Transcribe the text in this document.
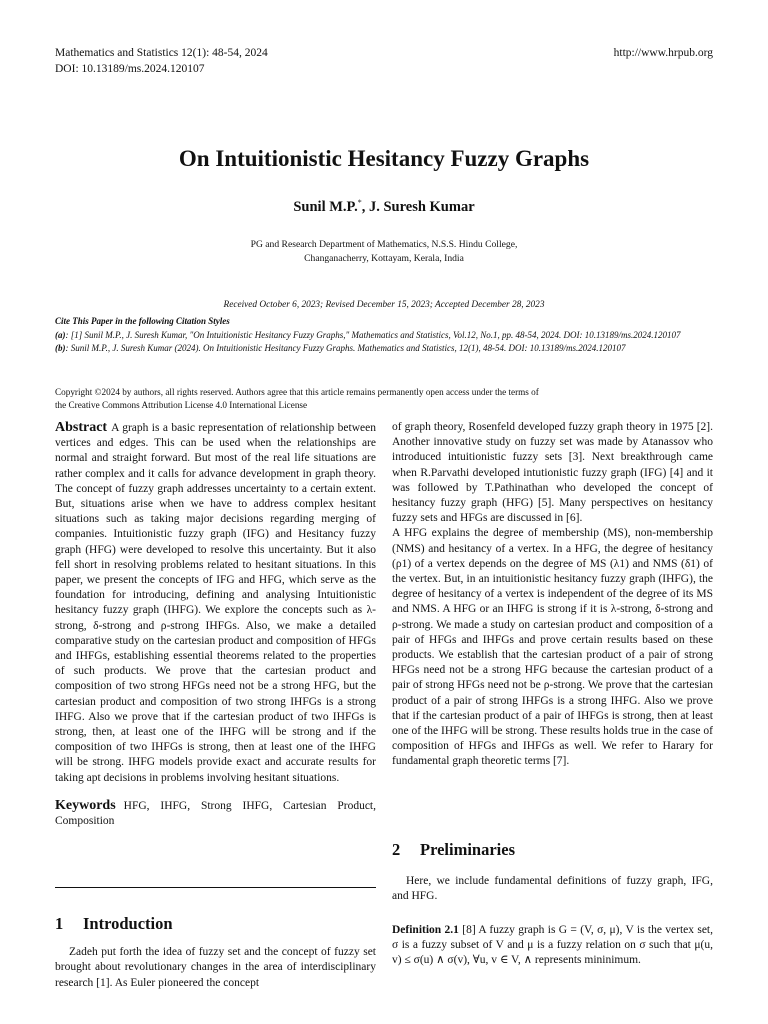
Mathematics and Statistics 12(1): 48-54, 2024
DOI: 10.13189/ms.2024.120107
http://www.hrpub.org
On Intuitionistic Hesitancy Fuzzy Graphs
Sunil M.P.*, J. Suresh Kumar
PG and Research Department of Mathematics, N.S.S. Hindu College,
Changanacherry, Kottayam, Kerala, India
Received October 6, 2023; Revised December 15, 2023; Accepted December 28, 2023
Cite This Paper in the following Citation Styles
(a): [1] Sunil M.P., J. Suresh Kumar, "On Intuitionistic Hesitancy Fuzzy Graphs," Mathematics and Statistics, Vol.12, No.1, pp. 48-54, 2024. DOI: 10.13189/ms.2024.120107
(b): Sunil M.P., J. Suresh Kumar (2024). On Intuitionistic Hesitancy Fuzzy Graphs. Mathematics and Statistics, 12(1), 48-54. DOI: 10.13189/ms.2024.120107
Copyright ©2024 by authors, all rights reserved. Authors agree that this article remains permanently open access under the terms of
the Creative Commons Attribution License 4.0 International License

Abstract A graph is a basic representation of relationship between vertices and edges. This can be used when the relationships are normal and straight forward. But most of the real life situations are rather complex and it calls for advance development in graph theory. The concept of fuzzy graph addresses uncertainty to a certain extent. But, situations arise when we have to address complex hesitant situations such as taking major decisions regarding merging of companies. Intuitionistic fuzzy graph (IFG) and Hesitancy fuzzy graph (HFG) were developed to resolve this uncertainty. But it also fell short in resolving problems related to hesitant situations. In this paper, we present the concepts of IFG and HFG, which serve as the foundation for introducing, defining and analysing Intuitionistic hesitancy fuzzy graph (IHFG). We explore the concepts such as λ-strong, δ-strong and ρ-strong IHFGs. Also, we make a detailed comparative study on the cartesian product and composition of HFGs and IHFGs, establishing essential theorems related to the properties of such products. We prove that the cartesian product and composition of two strong HFGs need not be a strong HFG, but the cartesian product and composition of two strong IHFGs is a strong IHFG. Also we prove that if the cartesian product of two IHFGs is strong, then, at least one of the IHFG will be strong and if the composition of two IHFGs is strong, then at least one of the IHFG will be strong. IHFG models provide exact and accurate results for taking apt decisions in problems involving hesitant situations.

Keywords HFG, IHFG, Strong IHFG, Cartesian Product, Composition

1 Introduction

Zadeh put forth the idea of fuzzy set and the concept of fuzzy set brought about revolutionary changes in the area of interdisciplinary research [1]. As Euler pioneered the concept

of graph theory, Rosenfeld developed fuzzy graph theory in 1975 [2]. Another innovative study on fuzzy set was made by Atanassov who introduced intuitionistic fuzzy sets [3]. Next breakthrough came when R.Parvathi developed intutionistic fuzzy graph (IFG) [4] and it was followed by T.Pathinathan who developed the concept of hesitancy fuzzy graph (HFG) [5]. Many perspectives on hesitancy fuzzy sets and HFGs are discussed in [6].

A HFG explains the degree of membership (MS), non-membership (NMS) and hesitancy of a vertex. In a HFG, the degree of hesitancy (ρ1) of a vertex depends on the degree of MS (λ1) and NMS (δ1) of the vertex. But, in an intuitionistic hesitancy fuzzy graph (IHFG), the degree of hesitancy of a vertex is independent of the degree of its MS and NMS. A HFG or an IHFG is strong if it is λ-strong, δ-strong and ρ-strong. We made a study on cartesian product and composition of a pair of HFGs and IHFGs and prove certain results based on these products. We establish that the cartesian product of a pair of strong HFGs need not be a strong HFG because the cartesian product of a pair of strong HFGs need not be ρ-strong. We prove that the cartesian product of a pair of strong IHFGs is a strong IHFG. Also we prove that if the cartesian product of a pair of IHFGs is strong, then at least one of the IHFG will be strong. These results holds true in the case of composition of HFGs and IHFGs as well. We refer to Harary for fundamental graph theoretic terms [7].

2 Preliminaries

Here, we include fundamental definitions of fuzzy graph, IFG, and HFG.

Definition 2.1 [8] A fuzzy graph is G = (V, σ, μ), V is the vertex set, σ is a fuzzy subset of V and μ is a fuzzy relation on σ such that μ(u, v) ≤ σ(u) ∧ σ(v), ∀u, v ∈ V, ∧ represents mininimum.
